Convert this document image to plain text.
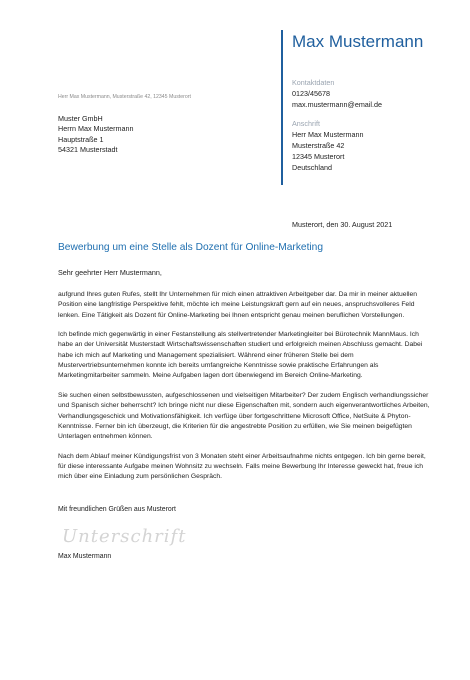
Max Mustermann
Kontaktdaten
0123/45678
max.mustermann@email.de
Anschrift
Herr Max Mustermann
Musterstraße 42
12345 Musterort
Deutschland
Herr Max Mustermann, Musterstraße 42, 12345 Musterort
Muster GmbH
Herrn Max Mustermann
Hauptstraße 1
54321 Musterstadt
Musterort, den 30. August 2021
Bewerbung um eine Stelle als Dozent für Online-Marketing
Sehr geehrter Herr Mustermann,

aufgrund Ihres guten Rufes, stellt Ihr Unternehmen für mich einen attraktiven Arbeitgeber dar. Da mir in meiner aktuellen Position eine langfristige Perspektive fehlt, möchte ich meine Leistungskraft gern auf ein neues, anspruchsvolleres Feld lenken. Eine Tätigkeit als Dozent für Online-Marketing bei Ihnen entspricht genau meinen beruflichen Vorstellungen.

Ich befinde mich gegenwärtig in einer Festanstellung als stellvertretender Marketingleiter bei Bürotechnik MannMaus. Ich habe an der Universität Musterstadt Wirtschaftswissenschaften studiert und erfolgreich meinen Abschluss gemacht. Dabei habe ich mich auf Marketing und Management spezialisiert. Während einer früheren Stelle bei dem Mustervertriebsunternehmen konnte ich bereits umfangreiche Kenntnisse sowie praktische Erfahrungen als Marketingmitarbeiter sammeln. Meine Aufgaben lagen dort überwiegend im Bereich Online-Marketing.

Sie suchen einen selbstbewussten, aufgeschlossenen und vielseitigen Mitarbeiter? Der zudem Englisch verhandlungssicher und Spanisch sicher beherrscht? Ich bringe nicht nur diese Eigenschaften mit, sondern auch eigenverantwortliches Arbeiten, Verhandlungsgeschick und Motivationsfähigkeit. Ich verfüge über fortgeschrittene Microsoft Office, NetSuite & Phyton-Kenntnisse. Ferner bin ich überzeugt, die Kriterien für die angestrebte Position zu erfüllen, wie Sie meinen beigefügten Unterlagen entnehmen können.

Nach dem Ablauf meiner Kündigungsfrist von 3 Monaten steht einer Arbeitsaufnahme nichts entgegen. Ich bin gerne bereit, für diese interessante Aufgabe meinen Wohnsitz zu wechseln. Falls meine Bewerbung Ihr Interesse geweckt hat, freue ich mich über eine Einladung zum persönlichen Gespräch.

Mit freundlichen Grüßen aus Musterort
Unterschrift
Max Mustermann
